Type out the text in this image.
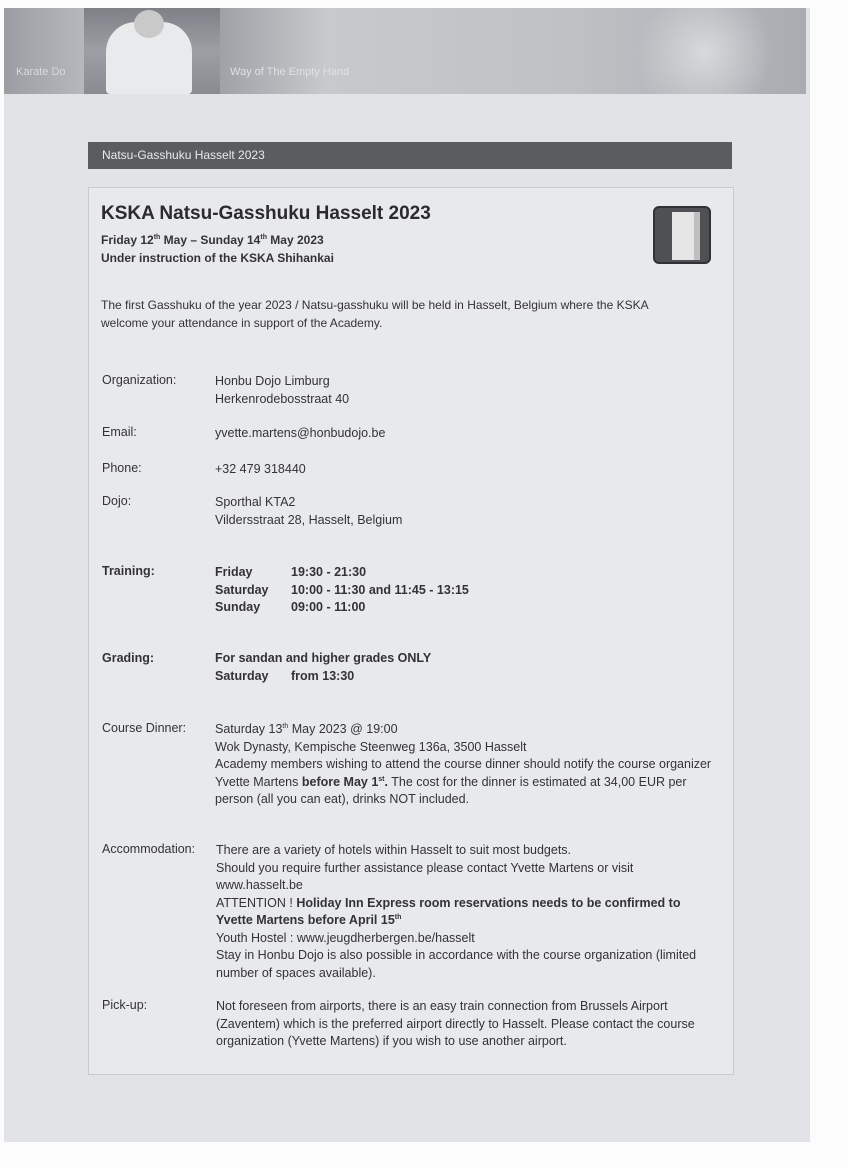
Karate Do	Way of The Empty Hand
Natsu-Gasshuku Hasselt 2023
KSKA Natsu-Gasshuku Hasselt 2023
Friday 12th May – Sunday 14th May 2023
Under instruction of the KSKA Shihankai
The first Gasshuku of the year 2023 / Natsu-gasshuku will be held in Hasselt, Belgium where the KSKA welcome your attendance in support of the Academy.
Organization:	Honbu Dojo Limburg
Herkenrodebosstraat 40
Email:	yvette.martens@honbudojo.be
Phone:	+32 479 318440
Dojo:	Sporthal KTA2
Vildersstraat 28, Hasselt, Belgium
Training:	Friday	19:30 - 21:30
Saturday 10:00 - 11:30 and 11:45 - 13:15
Sunday 09:00 - 11:00
Grading:	For sandan and higher grades ONLY
Saturday from 13:30
Course Dinner: Saturday 13th May 2023 @ 19:00
Wok Dynasty, Kempische Steenweg 136a, 3500 Hasselt
Academy members wishing to attend the course dinner should notify the course organizer Yvette Martens before May 1st. The cost for the dinner is estimated at 34,00 EUR per person (all you can eat), drinks NOT included.
Accommodation: There are a variety of hotels within Hasselt to suit most budgets.
Should you require further assistance please contact Yvette Martens or visit www.hasselt.be
ATTENTION ! Holiday Inn Express room reservations needs to be confirmed to Yvette Martens before April 15th
Youth Hostel : www.jeugdherbergen.be/hasselt
Stay in Honbu Dojo is also possible in accordance with the course organization (limited number of spaces available).
Pick-up:	Not foreseen from airports, there is an easy train connection from Brussels Airport (Zaventem) which is the preferred airport directly to Hasselt. Please contact the course organization (Yvette Martens) if you wish to use another airport.
